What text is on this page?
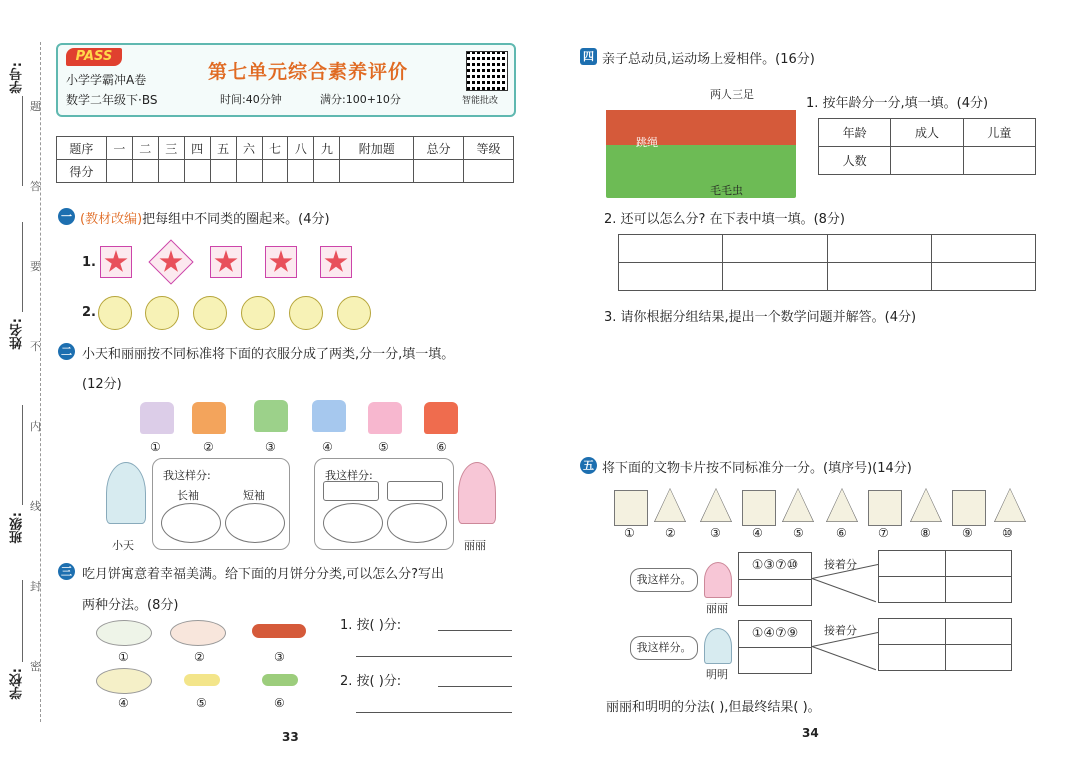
学号:
姓名:
班级:
学校:
题
答
要
不
内
线
封
密
PASS
小学学霸冲A卷
数学二年级下·BS
第七单元综合素养评价
时间:40分钟	满分:100+10分	智能批改
题序	一	二	三	四	五	六	七	八	九	附加题	总分	等级
得分												
一 (教材改编)把每组中不同类的圈起来。(4分)
1.
2.
二 小天和丽丽按不同标准将下面的衣服分成了两类,分一分,填一填。
(12分)
①	②	③	④	⑤	⑥
小天
我这样分:
长袖	短袖
我这样分:
丽丽
三 吃月饼寓意着幸福美满。给下面的月饼分分类,可以怎么分?写出
两种分法。(8分)
①	②	③
④	⑤	⑥
1. 按( )分:
2. 按( )分:
33
四 亲子总动员,运动场上爱相伴。(16分)
两人三足
跳绳
毛毛虫
1. 按年龄分一分,填一填。(4分)
年龄	成人	儿童
人数		
2. 还可以怎么分? 在下表中填一填。(8分)

3. 请你根据分组结果,提出一个数学问题并解答。(4分)
五 将下面的文物卡片按不同标准分一分。(填序号)(14分)
①	②	③	④	⑤	⑥	⑦	⑧	⑨ ⑩
我这样分。
丽丽
①③⑦⑩	接着分

我这样分。
明明
①④⑦⑨	接着分

丽丽和明明的分法( ),但最终结果( )。
34
